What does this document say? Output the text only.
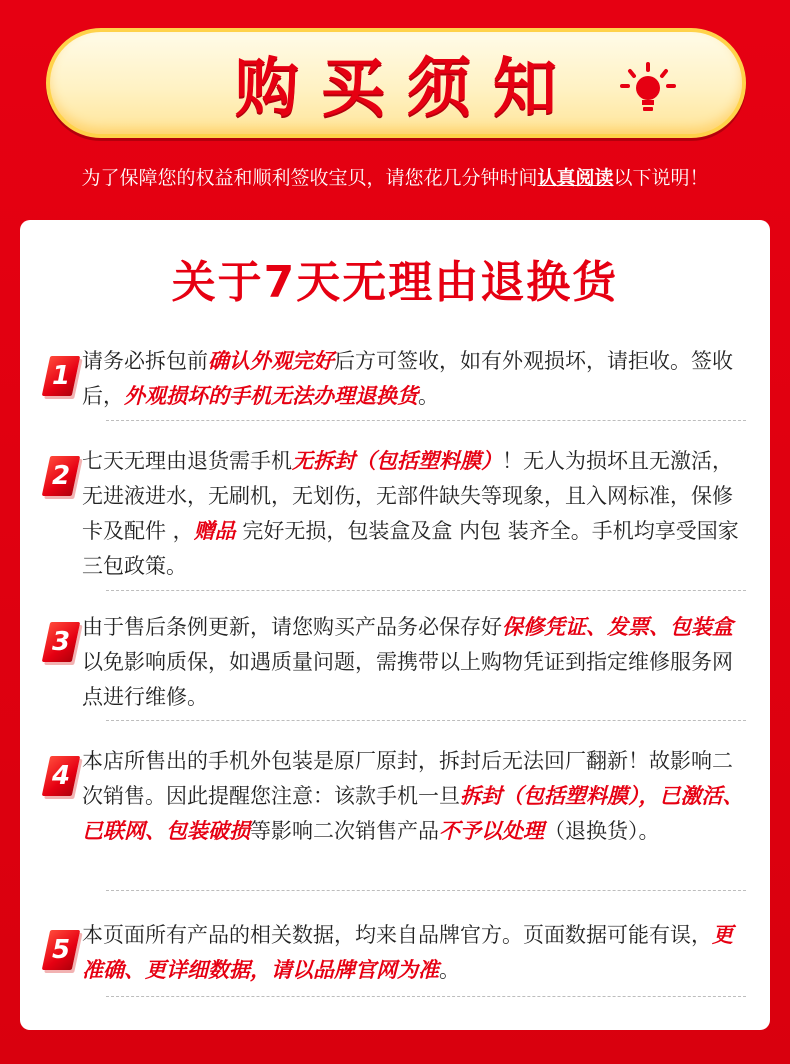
购买须知
为了保障您的权益和顺利签收宝贝，请您花几分钟时间认真阅读以下说明！
关于7天无理由退换货
1 请务必拆包前确认外观完好后方可签收，如有外观损坏，请拒收。签收后，外观损坏的手机无法办理退换货。
2 七天无理由退货需手机无拆封（包括塑料膜）！无人为损坏且无激活，无进液进水，无刷机，无划伤，无部件缺失等现象，且入网标准，保修卡及配件 ，赠品 完好无损，包装盒及盒 内包 装齐全。手机均享受国家三包政策。
3 由于售后条例更新，请您购买产品务必保存好保修凭证、发票、包装盒以免影响质保，如遇质量问题，需携带以上购物凭证到指定维修服务网点进行维修。
4 本店所售出的手机外包装是原厂原封，拆封后无法回厂翻新！故影响二次销售。因此提醒您注意：该款手机一旦拆封（包括塑料膜），已激活、已联网、包装破损等影响二次销售产品不予以处理（退换货）。
5 本页面所有产品的相关数据，均来自品牌官方。页面数据可能有误，更准确、更详细数据，请以品牌官网为准。
